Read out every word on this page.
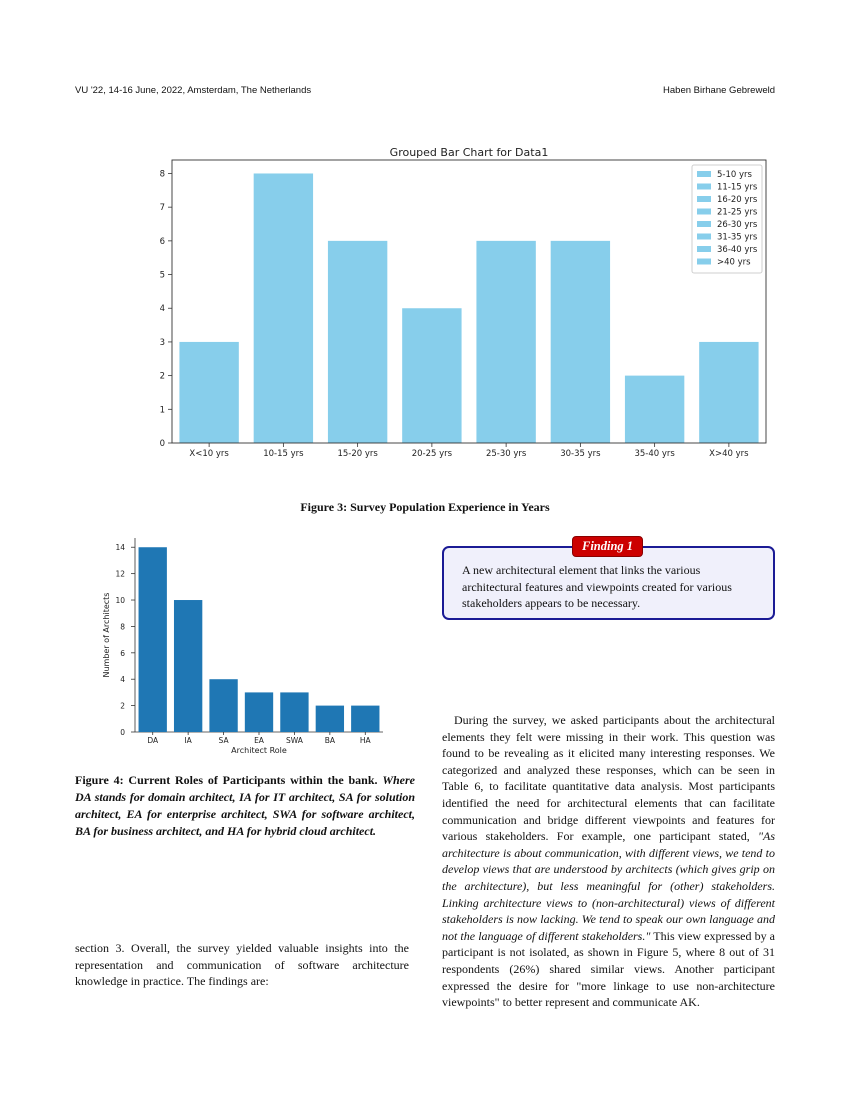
VU '22, 14-16 June, 2022, Amsterdam, The Netherlands	Haben Birhane Gebreweld
Grouped Bar Chart for Data1
0
1
2
3
4
5
6
7
8
X<10 yrs	10-15 yrs	15-20 yrs	20-25 yrs	25-30 yrs	30-35 yrs	35-40 yrs	X>40 yrs
5-10 yrs
11-15 yrs
16-20 yrs
21-25 yrs
26-30 yrs
31-35 yrs
36-40 yrs
>40 yrs
Figure 3: Survey Population Experience in Years
0
2
4
6
8
10
12
14
DA	IA	SA	EA	SWA	BA	HA
Architect Role
Number of Architects
Figure 4: Current Roles of Participants within the bank. Where DA stands for domain architect, IA for IT architect, SA for solution architect, EA for enterprise architect, SWA for software architect, BA for business architect, and HA for hybrid cloud architect.
Finding 1
A new architectural element that links the various architectural features and viewpoints created for various stakeholders appears to be necessary.
section 3. Overall, the survey yielded valuable insights into the representation and communication of software architecture knowledge in practice. The findings are:
During the survey, we asked participants about the architectural elements they felt were missing in their work. This question was found to be revealing as it elicited many interesting responses. We categorized and analyzed these responses, which can be seen in Table 6, to facilitate quantitative data analysis. Most participants identified the need for architectural elements that can facilitate communication and bridge different viewpoints and features for various stakeholders. For example, one participant stated, "As architecture is about communication, with different views, we tend to develop views that are understood by architects (which gives grip on the architecture), but less meaningful for (other) stakeholders. Linking architecture views to (non-architectural) views of different stakeholders is now lacking. We tend to speak our own language and not the language of different stakeholders." This view expressed by a participant is not isolated, as shown in Figure 5, where 8 out of 31 respondents (26%) shared similar views. Another participant expressed the desire for "more linkage to use non-architecture viewpoints" to better represent and communicate AK.
